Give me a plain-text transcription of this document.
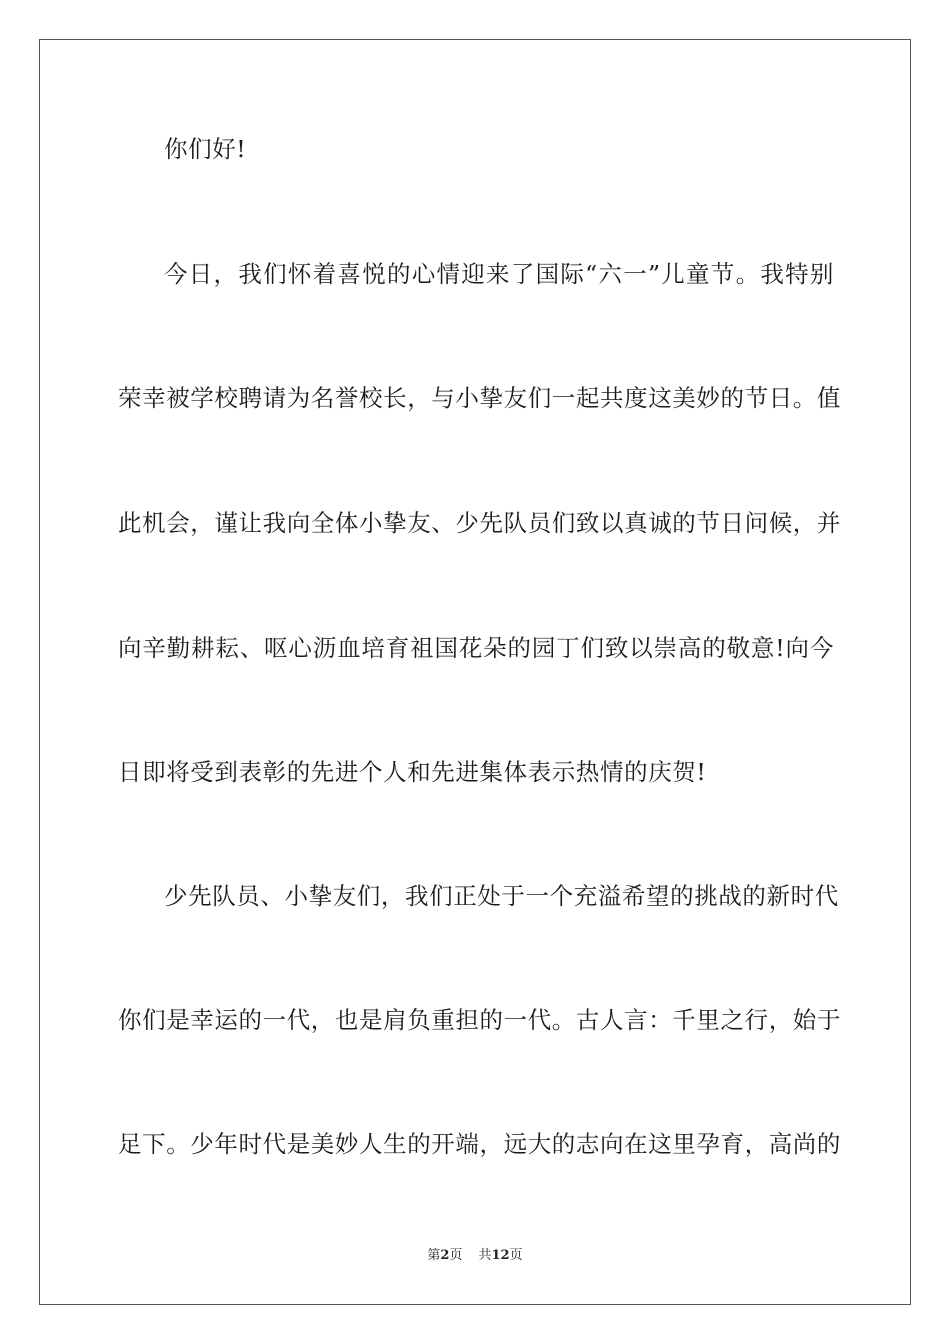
你们好!
今日，我们怀着喜悦的心情迎来了国际“六一”儿童节。我特别
荣幸被学校聘请为名誉校长，与小挚友们一起共度这美妙的节日。值
此机会，谨让我向全体小挚友、少先队员们致以真诚的节日问候，并
向辛勤耕耘、呕心沥血培育祖国花朵的园丁们致以崇高的敬意!向今
日即将受到表彰的先进个人和先进集体表示热情的庆贺!
少先队员、小挚友们，我们正处于一个充溢希望的挑战的新时代
你们是幸运的一代，也是肩负重担的一代。古人言：千里之行，始于
足下。少年时代是美妙人生的开端，远大的志向在这里孕育，高尚的
第2页 共12页
